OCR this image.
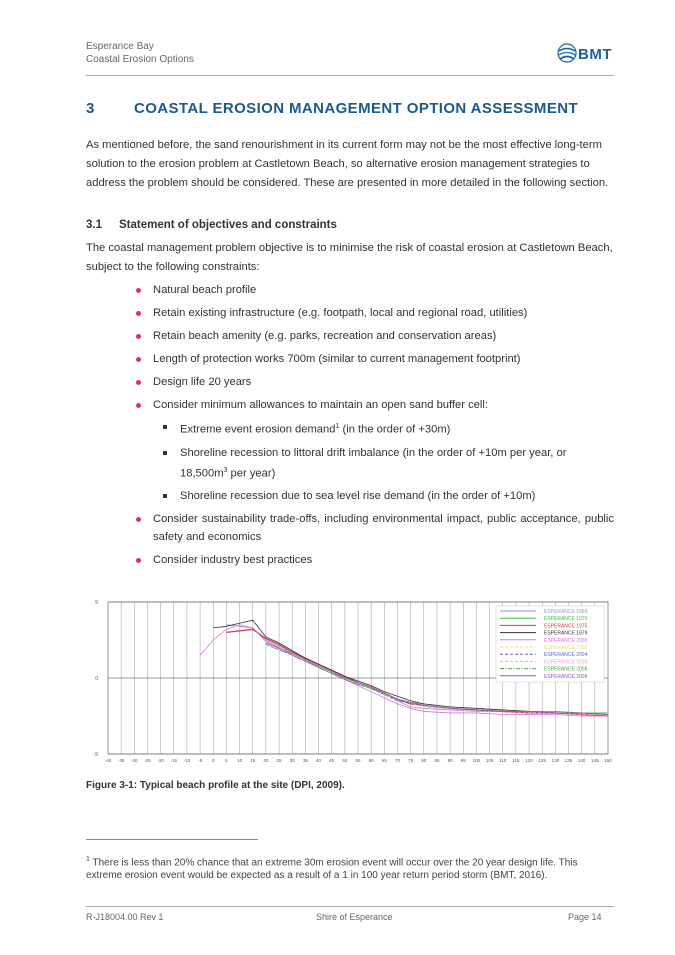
Esperance Bay
Coastal Erosion Options	BMT
3	COASTAL EROSION MANAGEMENT OPTION ASSESSMENT
As mentioned before, the sand renourishment in its current form may not be the most effective long-term solution to the erosion problem at Castletown Beach, so alternative erosion management strategies to address the problem should be considered. These are presented in more detailed in the following section.
3.1 Statement of objectives and constraints
The coastal management problem objective is to minimise the risk of coastal erosion at Castletown Beach, subject to the following constraints:
Natural beach profile
Retain existing infrastructure (e.g. footpath, local and regional road, utilities)
Retain beach amenity (e.g. parks, recreation and conservation areas)
Length of protection works 700m (similar to current management footprint)
Design life 20 years
Consider minimum allowances to maintain an open sand buffer cell:
Extreme event erosion demand$^1$ (in the order of +30m)
Shoreline recession to littoral drift imbalance (in the order of +10m per year, or $18,500m^3$ per year)
Shoreline recession due to sea level rise demand (in the order of +10m)
Consider sustainability trade-offs, including environmental impact, public acceptance, public safety and economics
Consider industry best practices
-40 -35 -30 -25 -20 -15 -10 -5 0 5 10 15 20 25 30 35 40 45 50 55 60 65 70 75 80 85 90 95 100 105 110 115 120 125 130 135 140 145 150
5
0
-5
ESPERANCE 1966
ESPERANCE 1970
ESPERANCE 1975
ESPERANCE 1979
ESPERANCE 2000
ESPERANCE 2002
ESPERANCE 2004
ESPERANCE 2005
ESPERANCE 2008
ESPERANCE 2009
Figure 3-1: Typical beach profile at the site (DPI, 2009).
$^1$ There is less than 20% chance that an extreme 30m erosion event will occur over the 20 year design life. This extreme erosion event would be expected as a result of a 1 in 100 year return period storm (BMT, 2016).
R-J18004.00 Rev 1	Shire of Esperance	Page 14
